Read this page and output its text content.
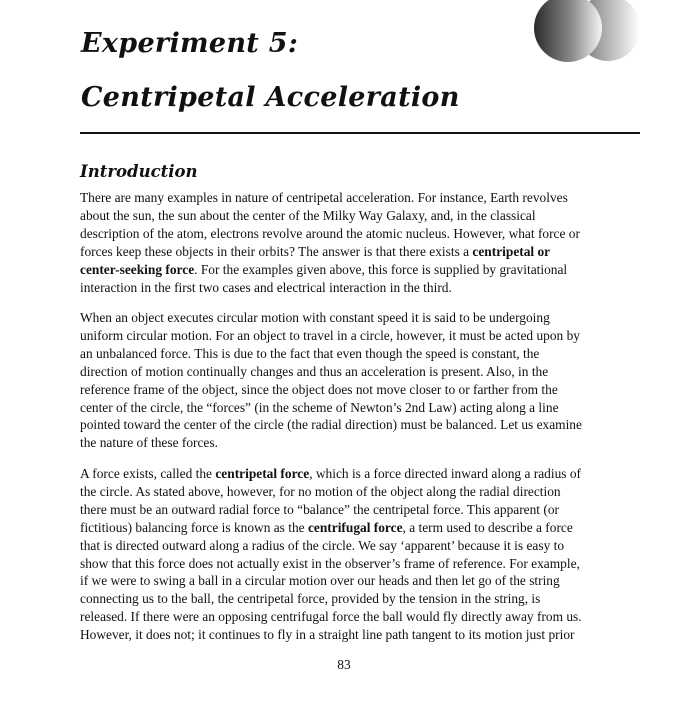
Experiment 5:
Centripetal Acceleration
Introduction
There are many examples in nature of centripetal acceleration. For instance, Earth revolves
about the sun, the sun about the center of the Milky Way Galaxy, and, in the classical
description of the atom, electrons revolve around the atomic nucleus. However, what force or
forces keep these objects in their orbits? The answer is that there exists a centripetal or
center-seeking force. For the examples given above, this force is supplied by gravitational
interaction in the first two cases and electrical interaction in the third.
When an object executes circular motion with constant speed it is said to be undergoing
uniform circular motion. For an object to travel in a circle, however, it must be acted upon by
an unbalanced force. This is due to the fact that even though the speed is constant, the
direction of motion continually changes and thus an acceleration is present. Also, in the
reference frame of the object, since the object does not move closer to or farther from the
center of the circle, the “forces” (in the scheme of Newton’s 2nd Law) acting along a line
pointed toward the center of the circle (the radial direction) must be balanced. Let us examine
the nature of these forces.
A force exists, called the centripetal force, which is a force directed inward along a radius of
the circle. As stated above, however, for no motion of the object along the radial direction
there must be an outward radial force to “balance” the centripetal force. This apparent (or
fictitious) balancing force is known as the centrifugal force, a term used to describe a force
that is directed outward along a radius of the circle. We say ‘apparent’ because it is easy to
show that this force does not actually exist in the observer’s frame of reference. For example,
if we were to swing a ball in a circular motion over our heads and then let go of the string
connecting us to the ball, the centripetal force, provided by the tension in the string, is
released. If there were an opposing centrifugal force the ball would fly directly away from us.
However, it does not; it continues to fly in a straight line path tangent to its motion just prior
83
